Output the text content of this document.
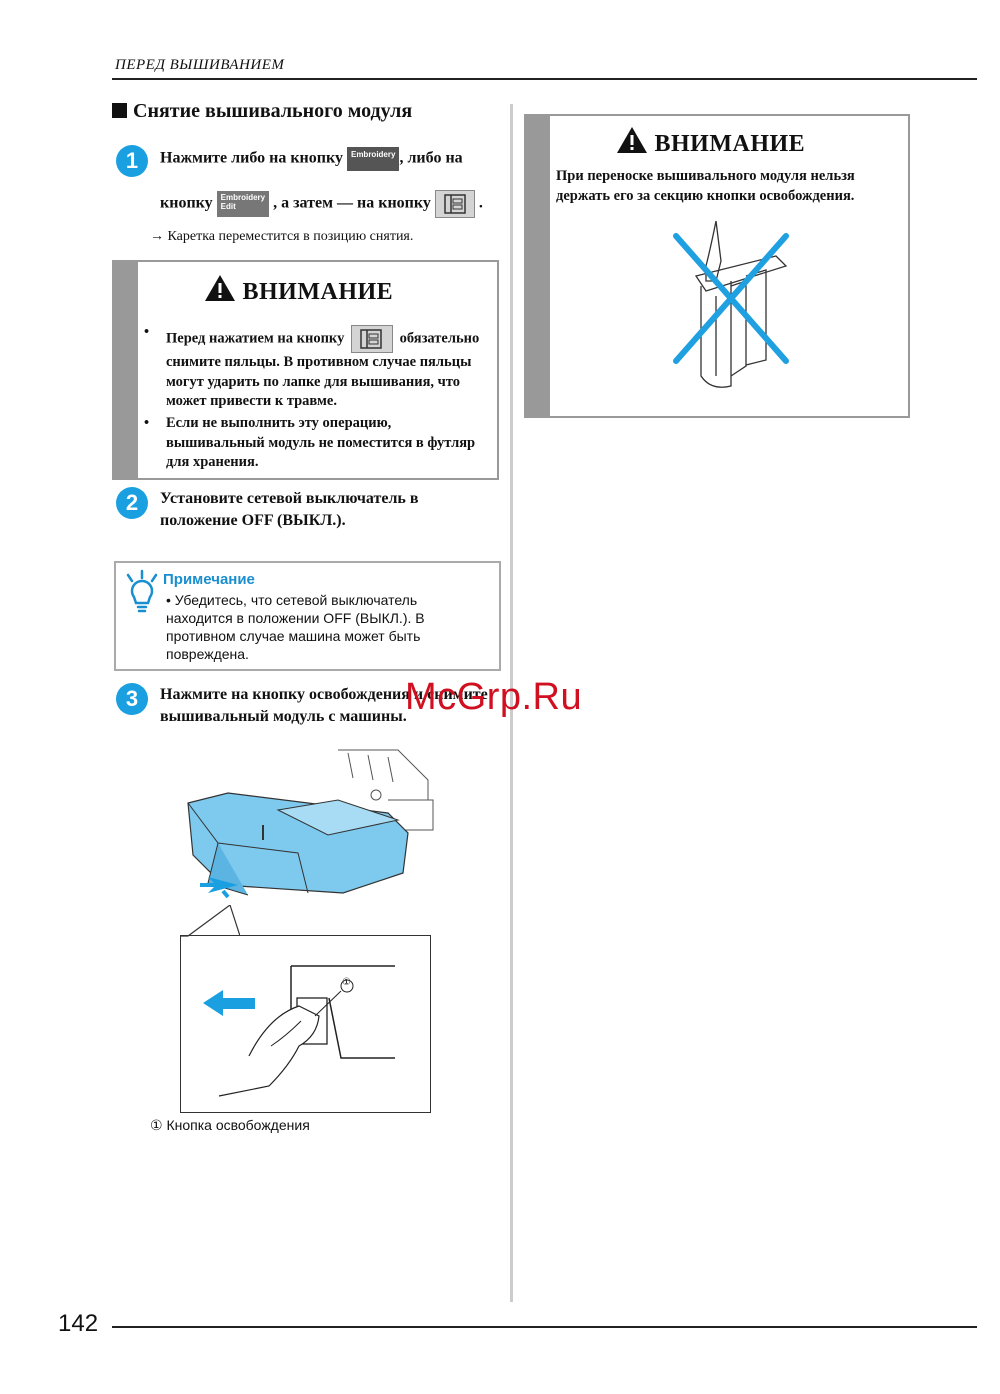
ПЕРЕД ВЫШИВАНИЕМ
Снятие вышивального модуля
1	Нажмите либо на кнопку Embroidery , либо на
кнопку Embroidery
Edit , а затем — на кнопку	.
→ Каретка переместится в позицию снятия.
ВНИМАНИЕ
• Перед нажатием на кнопку	обязательно
снимите пяльцы. В противном случае пяльцы могут ударить по лапке для вышивания, что может привести к травме.
• Если не выполнить эту операцию, вышивальный модуль не поместится в футляр для хранения.
2	Установите сетевой выключатель в положение OFF (ВЫКЛ.).
Примечание
• Убедитесь, что сетевой выключатель находится в положении OFF (ВЫКЛ.). В противном случае машина может быть повреждена.
3	Нажмите на кнопку освобождения и снимите вышивальный модуль с машины.
①
① Кнопка освобождения
ВНИМАНИЕ
При переноске вышивального модуля нельзя держать его за секцию кнопки освобождения.
McGrp.Ru
142
